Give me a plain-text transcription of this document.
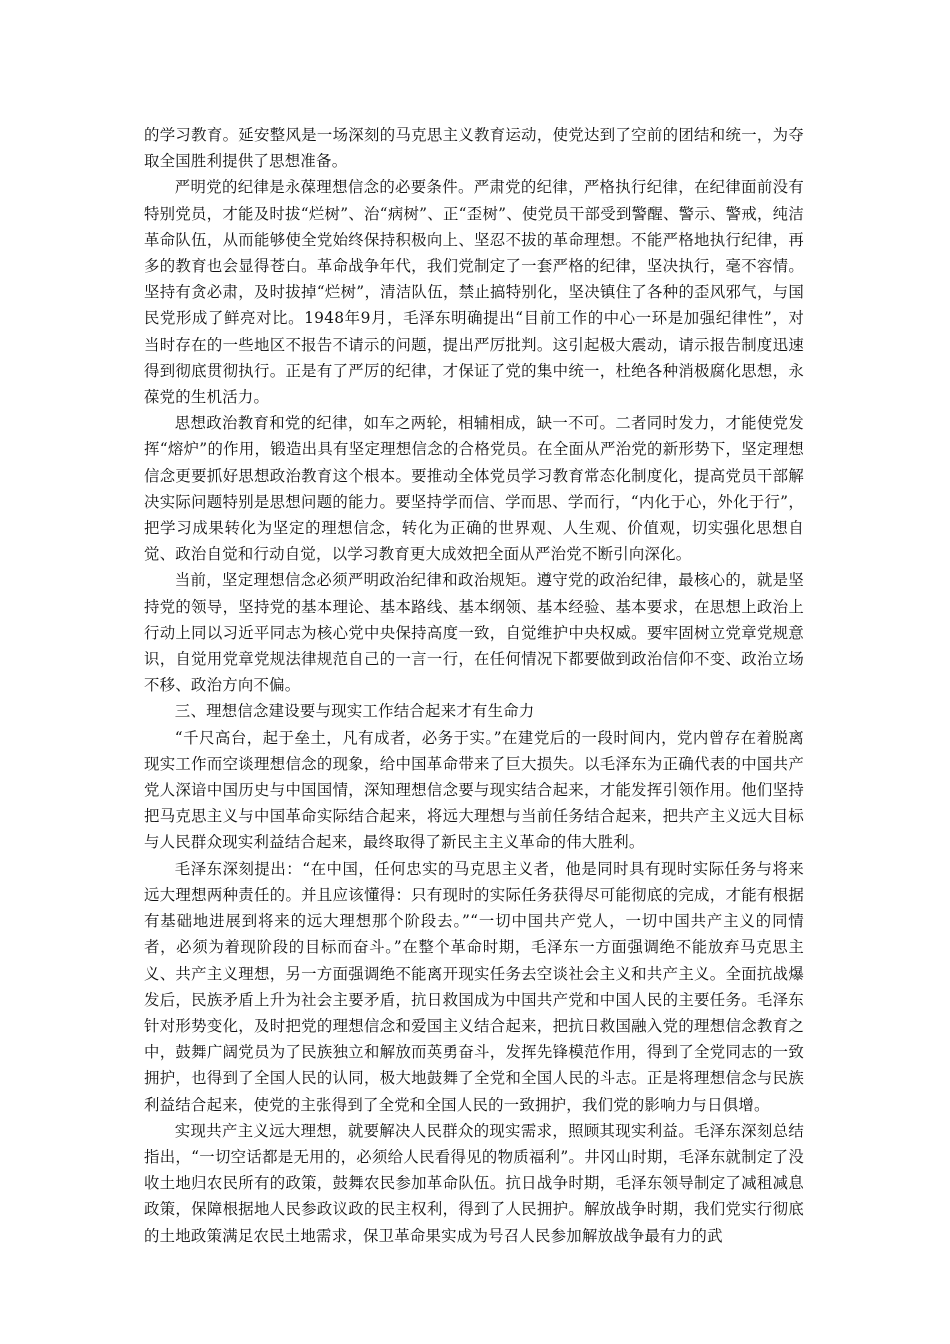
的学习教育。延安整风是一场深刻的马克思主义教育运动，使党达到了空前的团结和统一，为夺取全国胜利提供了思想准备。

严明党的纪律是永葆理想信念的必要条件。严肃党的纪律，严格执行纪律，在纪律面前没有特别党员，才能及时拔“烂树”、治“病树”、正“歪树”、使党员干部受到警醒、警示、警戒，纯洁革命队伍，从而能够使全党始终保持积极向上、坚忍不拔的革命理想。不能严格地执行纪律，再多的教育也会显得苍白。革命战争年代，我们党制定了一套严格的纪律，坚决执行，毫不容情。坚持有贪必肃，及时拔掉“烂树”，清洁队伍，禁止搞特别化，坚决镇住了各种的歪风邪气，与国民党形成了鲜亮对比。1948年9月，毛泽东明确提出“目前工作的中心一环是加强纪律性”，对当时存在的一些地区不报告不请示的问题，提出严厉批判。这引起极大震动，请示报告制度迅速得到彻底贯彻执行。正是有了严厉的纪律，才保证了党的集中统一，杜绝各种消极腐化思想，永葆党的生机活力。

思想政治教育和党的纪律，如车之两轮，相辅相成，缺一不可。二者同时发力，才能使党发挥“熔炉”的作用，锻造出具有坚定理想信念的合格党员。在全面从严治党的新形势下，坚定理想信念更要抓好思想政治教育这个根本。要推动全体党员学习教育常态化制度化，提高党员干部解决实际问题特别是思想问题的能力。要坚持学而信、学而思、学而行，“内化于心，外化于行”，把学习成果转化为坚定的理想信念，转化为正确的世界观、人生观、价值观，切实强化思想自觉、政治自觉和行动自觉，以学习教育更大成效把全面从严治党不断引向深化。

当前，坚定理想信念必须严明政治纪律和政治规矩。遵守党的政治纪律，最核心的，就是坚持党的领导，坚持党的基本理论、基本路线、基本纲领、基本经验、基本要求，在思想上政治上行动上同以习近平同志为核心党中央保持高度一致，自觉维护中央权威。要牢固树立党章党规意识，自觉用党章党规法律规范自己的一言一行，在任何情况下都要做到政治信仰不变、政治立场不移、政治方向不偏。

三、理想信念建设要与现实工作结合起来才有生命力

“千尺高台，起于垒土，凡有成者，必务于实。”在建党后的一段时间内，党内曾存在着脱离现实工作而空谈理想信念的现象，给中国革命带来了巨大损失。以毛泽东为正确代表的中国共产党人深谙中国历史与中国国情，深知理想信念要与现实结合起来，才能发挥引领作用。他们坚持把马克思主义与中国革命实际结合起来，将远大理想与当前任务结合起来，把共产主义远大目标与人民群众现实利益结合起来，最终取得了新民主主义革命的伟大胜利。

毛泽东深刻提出：“在中国，任何忠实的马克思主义者，他是同时具有现时实际任务与将来远大理想两种责任的。并且应该懂得：只有现时的实际任务获得尽可能彻底的完成，才能有根据有基础地进展到将来的远大理想那个阶段去。”“一切中国共产党人，一切中国共产主义的同情者，必须为着现阶段的目标而奋斗。”在整个革命时期，毛泽东一方面强调绝不能放弃马克思主义、共产主义理想，另一方面强调绝不能离开现实任务去空谈社会主义和共产主义。全面抗战爆发后，民族矛盾上升为社会主要矛盾，抗日救国成为中国共产党和中国人民的主要任务。毛泽东针对形势变化，及时把党的理想信念和爱国主义结合起来，把抗日救国融入党的理想信念教育之中，鼓舞广阔党员为了民族独立和解放而英勇奋斗，发挥先锋模范作用，得到了全党同志的一致拥护，也得到了全国人民的认同，极大地鼓舞了全党和全国人民的斗志。正是将理想信念与民族利益结合起来，使党的主张得到了全党和全国人民的一致拥护，我们党的影响力与日俱增。

实现共产主义远大理想，就要解决人民群众的现实需求，照顾其现实利益。毛泽东深刻总结指出，“一切空话都是无用的，必须给人民看得见的物质福利”。井冈山时期，毛泽东就制定了没收土地归农民所有的政策，鼓舞农民参加革命队伍。抗日战争时期，毛泽东领导制定了减租减息政策，保障根据地人民参政议政的民主权利，得到了人民拥护。解放战争时期，我们党实行彻底的土地政策满足农民土地需求，保卫革命果实成为号召人民参加解放战争最有力的武
